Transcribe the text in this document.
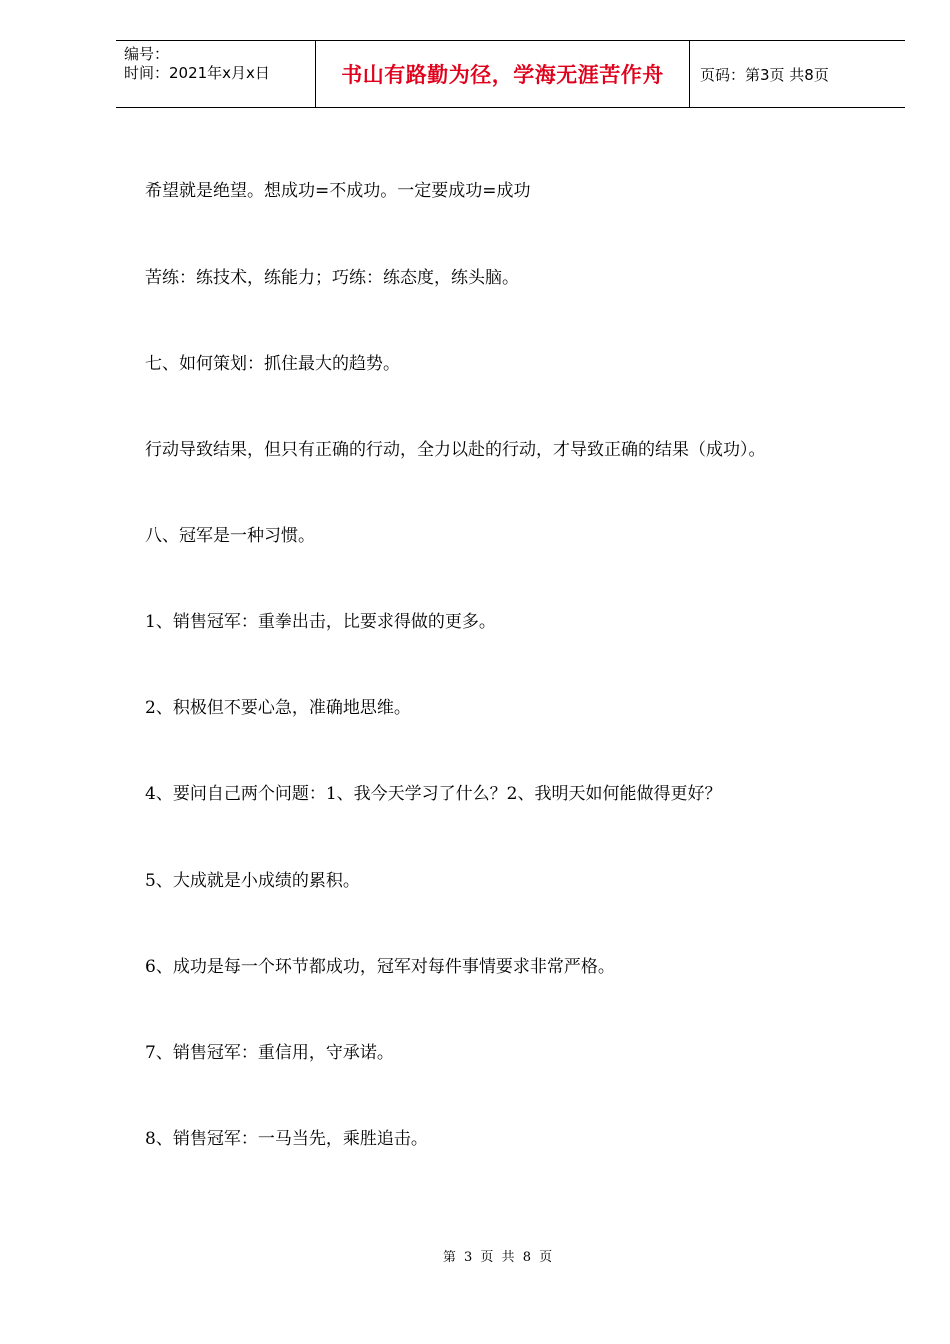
编号：
时间：2021年x月x日	书山有路勤为径，学海无涯苦作舟 页码：第3页 共8页
希望就是绝望。想成功=不成功。一定要成功=成功
苦练：练技术，练能力；巧练：练态度，练头脑。
七、如何策划：抓住最大的趋势。
行动导致结果，但只有正确的行动，全力以赴的行动，才导致正确的结果（成功）。
八、冠军是一种习惯。
1、销售冠军：重拳出击，比要求得做的更多。
2、积极但不要心急，准确地思维。
4、要问自己两个问题：1、我今天学习了什么？2、我明天如何能做得更好？
5、大成就是小成绩的累积。
6、成功是每一个环节都成功，冠军对每件事情要求非常严格。
7、销售冠军：重信用，守承诺。
8、销售冠军：一马当先，乘胜追击。
第 3 页 共 8 页
